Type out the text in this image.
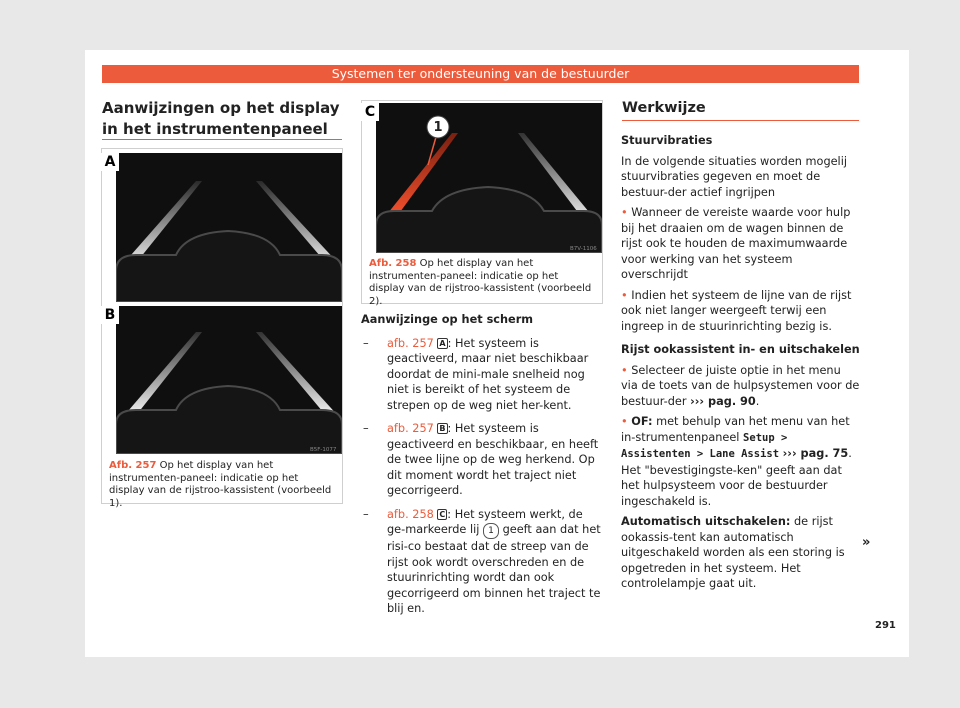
Systemen ter ondersteuning van de bestuurder
Aanwijzingen op het display in het instrumentenpaneel
A
B
B5F-1077
Afb. 257 Op het display van het instrumenten-paneel: indicatie op het display van de rijstroo-kassistent (voorbeeld 1).
1
C
B7V-1106
Afb. 258 Op het display van het instrumenten-paneel: indicatie op het display van de rijstroo-kassistent (voorbeeld 2).

Aanwijzinge op het scherm

– afb. 257 A : Het systeem is geactiveerd, maar niet beschikbaar doordat de mini-male snelheid nog niet is bereikt of het systeem de strepen op de weg niet her-kent.
– afb. 257 B : Het systeem is geactiveerd en beschikbaar, en heeft de twee lijne op de weg herkend. Op dit moment wordt het traject niet gecorrigeerd.
– afb. 258 C : Het systeem werkt, de ge-markeerde lij 1 geeft aan dat het risi-co bestaat dat de streep van de rijst ook wordt overschreden en de stuurinrichting wordt dan ook gecorrigeerd om binnen het traject te blij en.
Werkwijze

Stuurvibraties

In de volgende situaties worden mogelij stuurvibraties gegeven en moet de bestuur-der actief ingrijpen

• Wanneer de vereiste waarde voor hulp bij het draaien om de wagen binnen de rijst ook te houden de maximumwaarde voor werking van het systeem overschrijdt

• Indien het systeem de lijne van de rijst ook niet langer weergeeft terwij een ingreep in de stuurinrichting bezig is.

Rijst ookassistent in- en uitschakelen

• Selecteer de juiste optie in het menu via de toets van de hulpsystemen voor de bestuur-der ››› pag. 90.

• OF: met behulp van het menu van het in-strumentenpaneel Setup > Assistenten > Lane Assist ››› pag. 75. Het "bevestigingste-ken" geeft aan dat het hulpsysteem voor de bestuurder ingeschakeld is.

Automatisch uitschakelen: de rijst ookassis-tent kan automatisch uitgeschakeld worden als een storing is opgetreden in het systeem. Het controlelampje gaat uit.

»
291
